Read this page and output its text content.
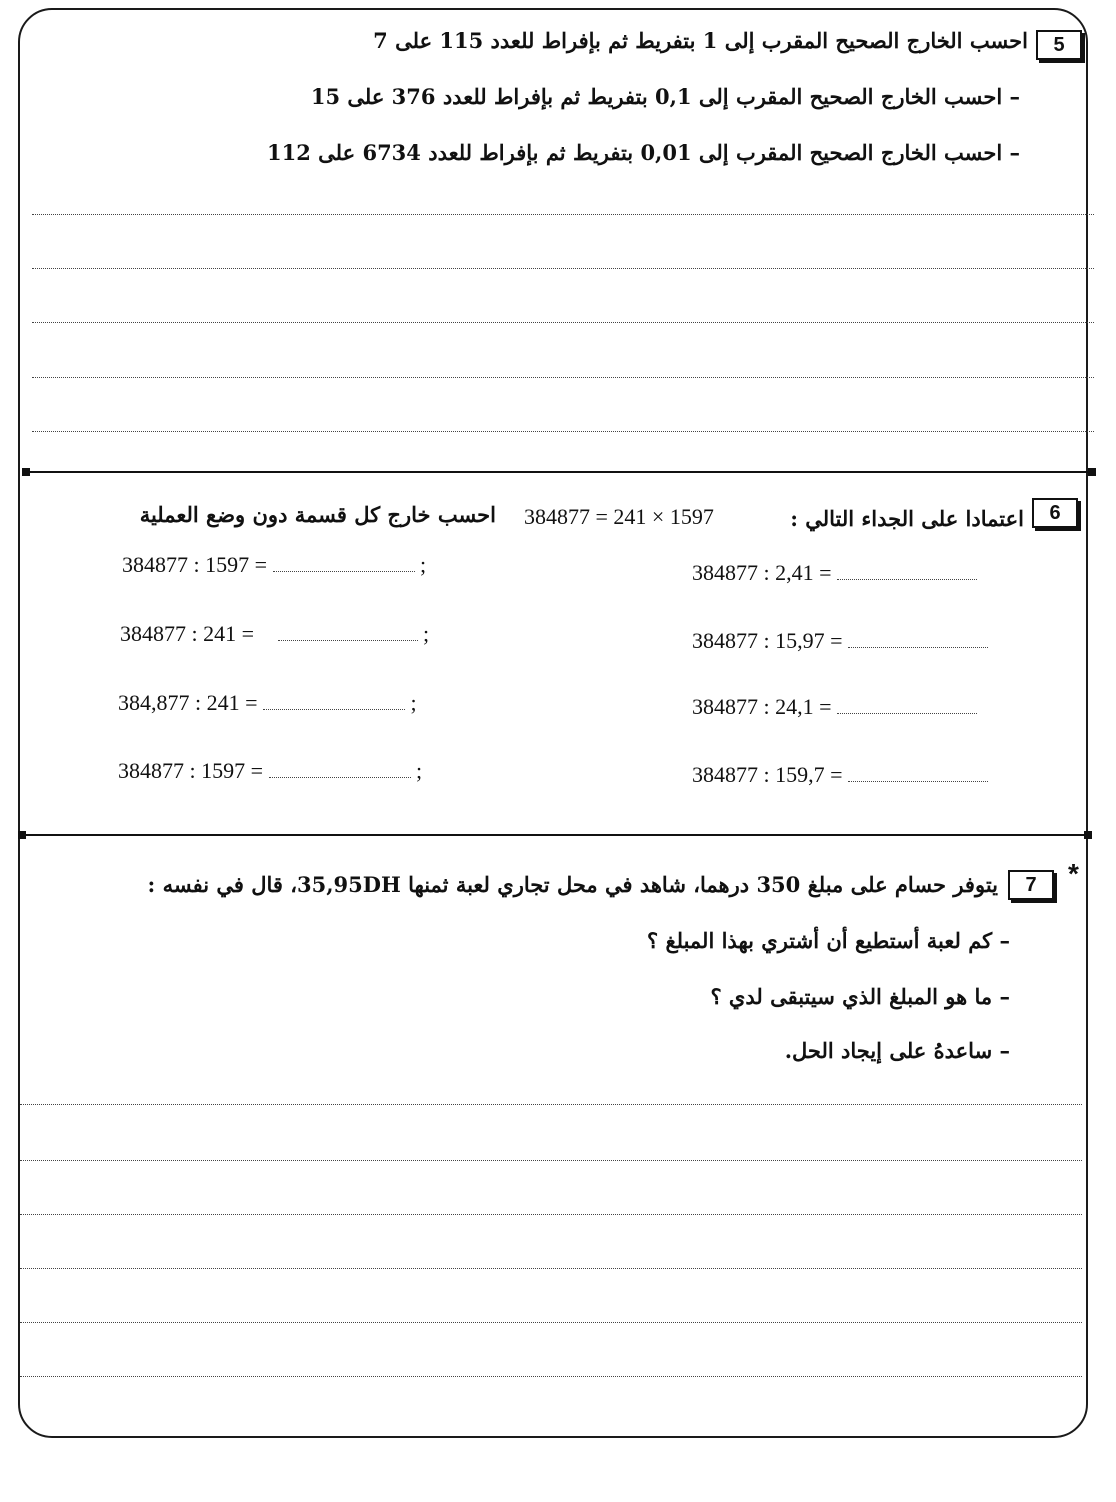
5
احسب الخارج الصحيح المقرب إلى 1 بتفريط ثم بإفراط للعدد 115 على 7
– احسب الخارج الصحيح المقرب إلى 0,1 بتفريط ثم بإفراط للعدد 376 على 15
– احسب الخارج الصحيح المقرب إلى 0,01 بتفريط ثم بإفراط للعدد 6734 على 112
6
اعتمادا على الجداء التالي :
384877 = 241 × 1597
احسب خارج كل قسمة دون وضع العملية
384877 : 1597 =	;
384877 : 241 =	;
384,877 : 241 =	;
384877 : 1597 =	;
384877 : 2,41 =
384877 : 15,97 =
384877 : 24,1 =
384877 : 159,7 =
*
7
يتوفر حسام على مبلغ 350 درهما، شاهد في محل تجاري لعبة ثمنها 35,95DH، قال في نفسه :
– كم لعبة أستطيع أن أشتري بهذا المبلغ ؟
– ما هو المبلغ الذي سيتبقى لدي ؟
– ساعدهُ على إيجاد الحل.
